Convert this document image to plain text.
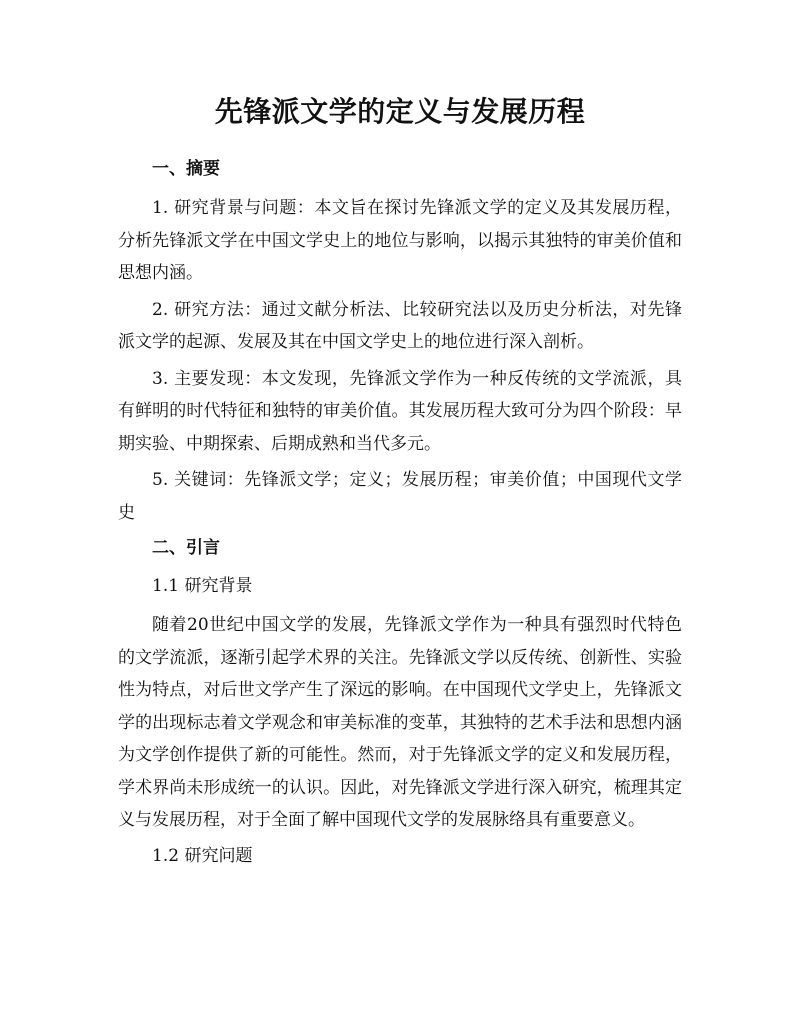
先锋派文学的定义与发展历程
一、摘要
1. 研究背景与问题：本文旨在探讨先锋派文学的定义及其发展历程，分析先锋派文学在中国文学史上的地位与影响，以揭示其独特的审美价值和思想内涵。
2. 研究方法：通过文献分析法、比较研究法以及历史分析法，对先锋派文学的起源、发展及其在中国文学史上的地位进行深入剖析。
3. 主要发现：本文发现，先锋派文学作为一种反传统的文学流派，具有鲜明的时代特征和独特的审美价值。其发展历程大致可分为四个阶段：早期实验、中期探索、后期成熟和当代多元。
5. 关键词：先锋派文学；定义；发展历程；审美价值；中国现代文学史
二、引言
1.1 研究背景
随着20世纪中国文学的发展，先锋派文学作为一种具有强烈时代特色的文学流派，逐渐引起学术界的关注。先锋派文学以反传统、创新性、实验性为特点，对后世文学产生了深远的影响。在中国现代文学史上，先锋派文学的出现标志着文学观念和审美标准的变革，其独特的艺术手法和思想内涵为文学创作提供了新的可能性。然而，对于先锋派文学的定义和发展历程，学术界尚未形成统一的认识。因此，对先锋派文学进行深入研究，梳理其定义与发展历程，对于全面了解中国现代文学的发展脉络具有重要意义。
1.2 研究问题
